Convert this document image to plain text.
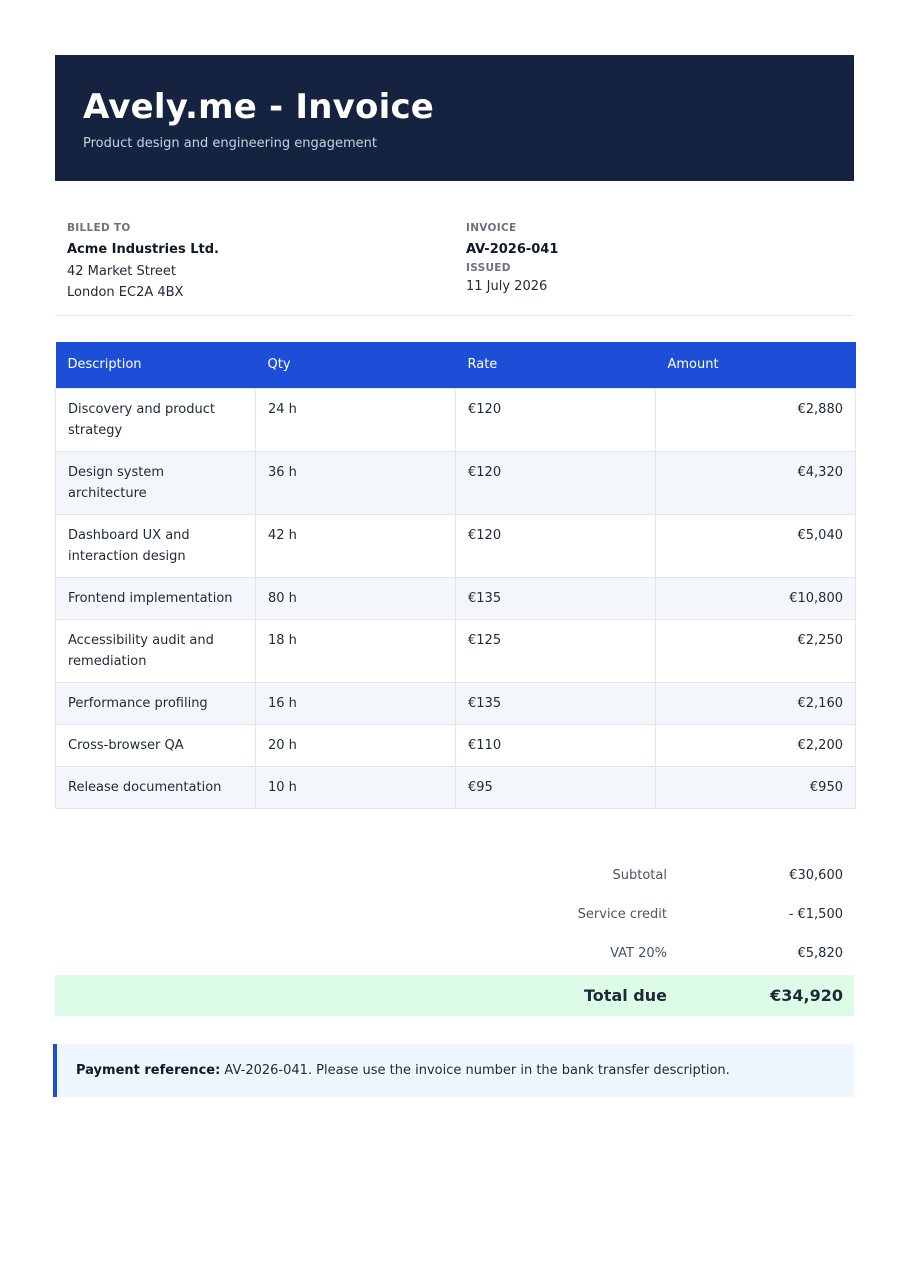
Avely.me - Invoice
Product design and engineering engagement
BILLED TO
Acme Industries Ltd.
42 Market Street
London EC2A 4BX
INVOICE
AV-2026-041
ISSUED
11 July 2026
Description	Qty	Rate	Amount
Discovery and product strategy	24 h	€120	€2,880
Design system architecture	36 h	€120	€4,320
Dashboard UX and interaction design	42 h	€120	€5,040
Frontend implementation	80 h	€135	€10,800
Accessibility audit and remediation	18 h	€125	€2,250
Performance profiling	16 h	€135	€2,160
Cross-browser QA	20 h	€110	€2,200
Release documentation	10 h	€95	€950
Subtotal	€30,600
Service credit	- €1,500
VAT 20%	€5,820
Total due	€34,920
Payment reference: AV-2026-041. Please use the invoice number in the bank transfer description.
